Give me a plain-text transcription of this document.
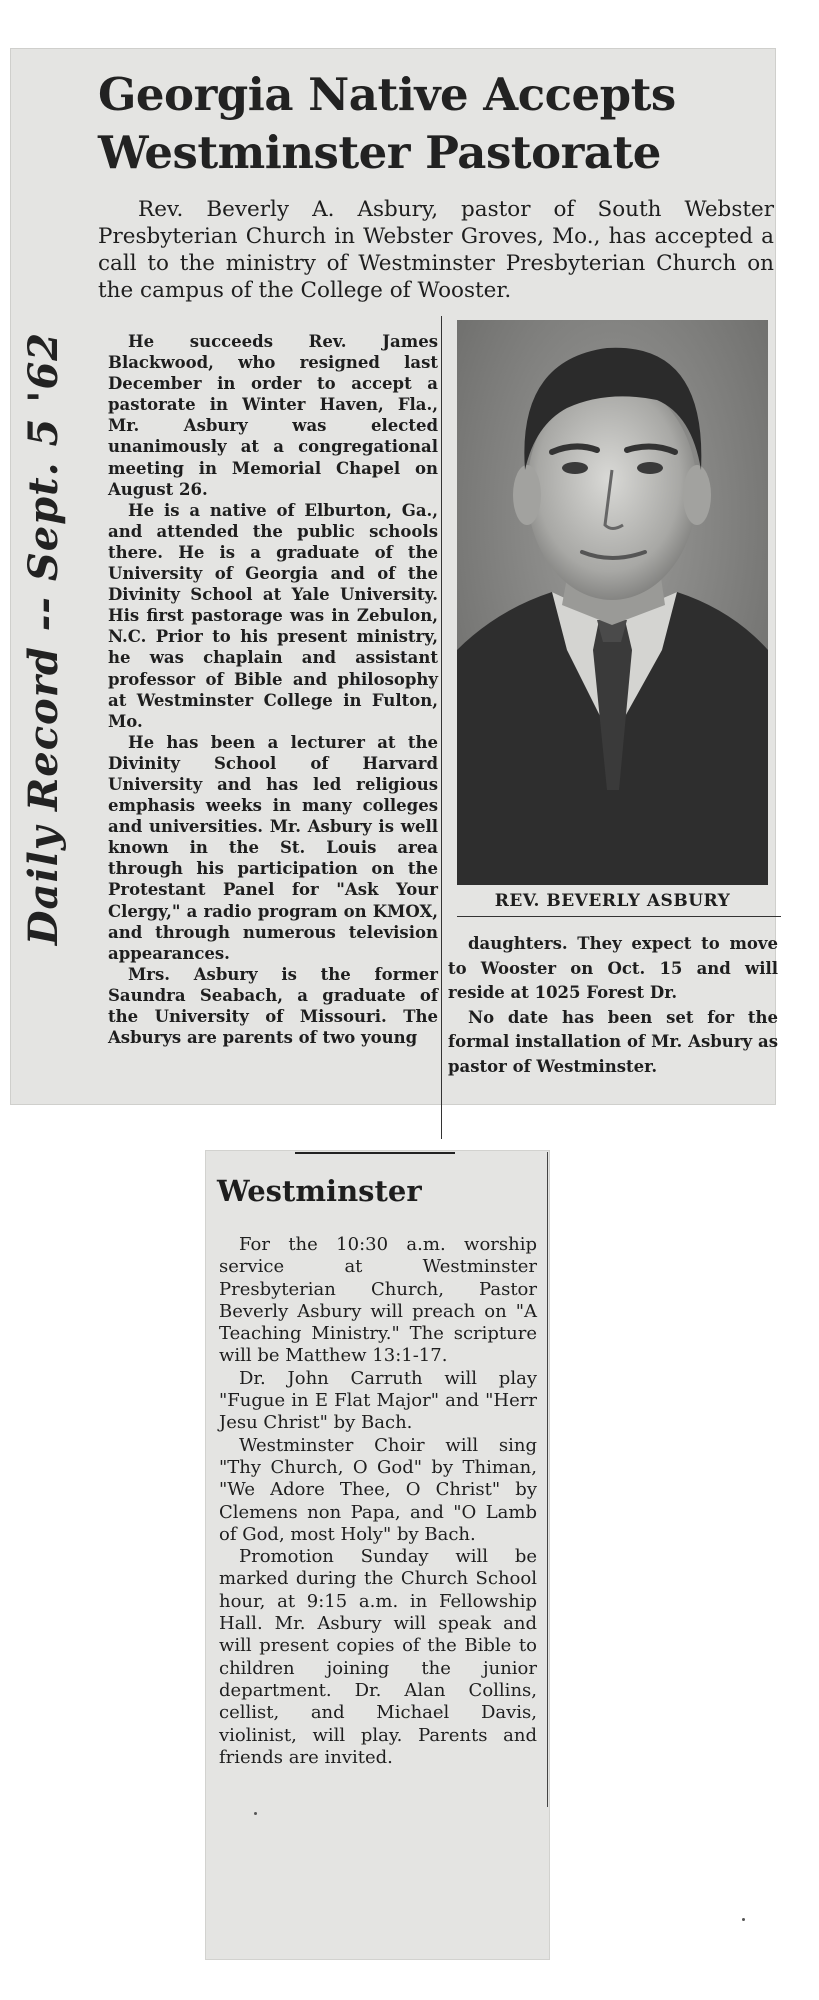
Daily Record -- Sept. 5 '62
Georgia Native Accepts Westminster Pastorate

Rev. Beverly A. Asbury, pastor of South Webster Presbyterian Church in Webster Groves, Mo., has accepted a call to the ministry of Westminster Presbyterian Church on the campus of the College of Wooster.

He succeeds Rev. James Blackwood, who resigned last December in order to accept a pastorate in Winter Haven, Fla., Mr. Asbury was elected unanimously at a congregational meeting in Memorial Chapel on August 26.

He is a native of Elburton, Ga., and attended the public schools there. He is a graduate of the University of Georgia and of the Divinity School at Yale University. His first pastorage was in Zebulon, N.C. Prior to his present ministry, he was chaplain and assistant professor of Bible and philosophy at Westminster College in Fulton, Mo.

He has been a lecturer at the Divinity School of Harvard University and has led religious emphasis weeks in many colleges and universities. Mr. Asbury is well known in the St. Louis area through his participation on the Protestant Panel for "Ask Your Clergy," a radio program on KMOX, and through numerous television appearances.

Mrs. Asbury is the former Saundra Seabach, a graduate of the University of Missouri. The Asburys are parents of two young

REV. BEVERLY ASBURY

daughters. They expect to move to Wooster on Oct. 15 and will reside at 1025 Forest Dr.

No date has been set for the formal installation of Mr. Asbury as pastor of Westminster.

Westminster

For the 10:30 a.m. worship service at Westminster Presbyterian Church, Pastor Beverly Asbury will preach on "A Teaching Ministry." The scripture will be Matthew 13:1-17.

Dr. John Carruth will play "Fugue in E Flat Major" and "Herr Jesu Christ" by Bach.

Westminster Choir will sing "Thy Church, O God" by Thiman, "We Adore Thee, O Christ" by Clemens non Papa, and "O Lamb of God, most Holy" by Bach.

Promotion Sunday will be marked during the Church School hour, at 9:15 a.m. in Fellowship Hall. Mr. Asbury will speak and will present copies of the Bible to children joining the junior department. Dr. Alan Collins, cellist, and Michael Davis, violinist, will play. Parents and friends are invited.
